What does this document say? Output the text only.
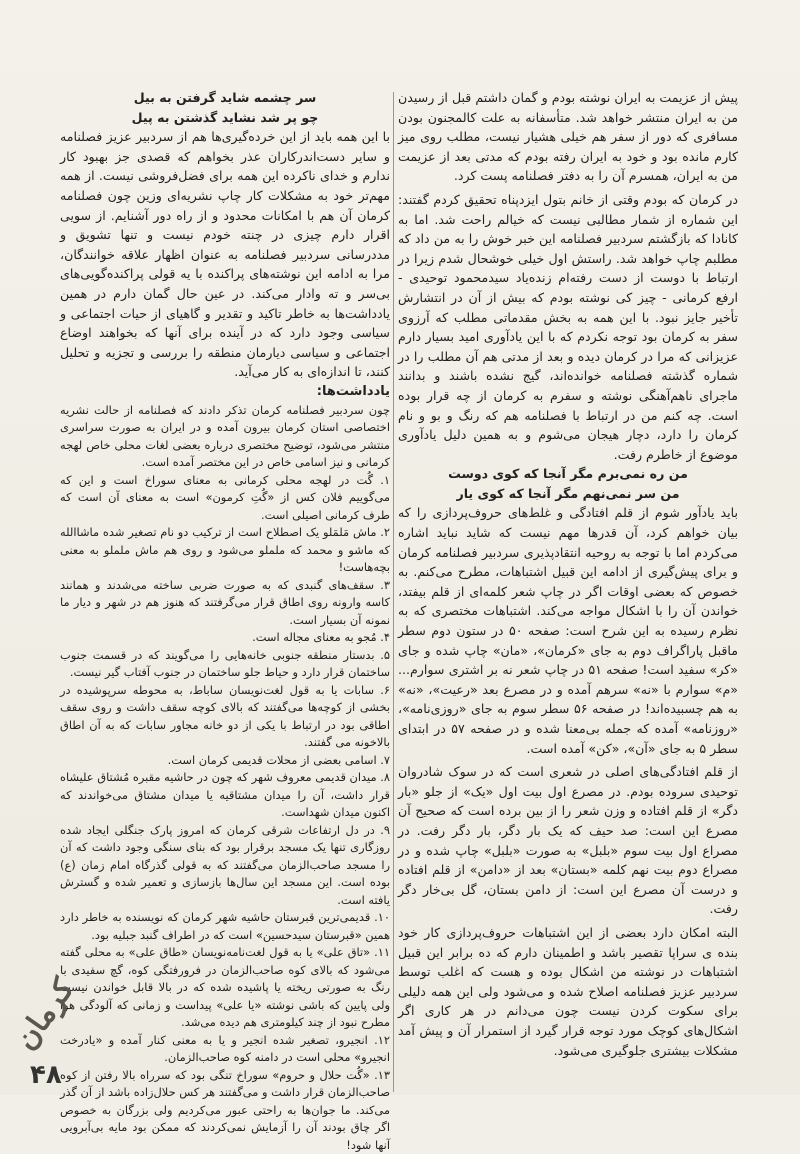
پیش از عزیمت به ایران نوشته بودم و گمان داشتم قبل از رسیدن من به ایران منتشر خواهد شد. متأسفانه به علت کالمجنون بودن مسافری که دور از سفر هم خیلی هشیار نیست، مطلب روی میز کارم مانده بود و خود به ایران رفته بودم که مدتی بعد از عزیمت من به ایران، همسرم آن را به دفتر فصلنامه پست کرد.

در کرمان که بودم وقتی از خانم بتول ایزدپناه تحقیق کردم گفتند: این شماره از شمار مطالبی نیست که خیالم راحت شد. اما به کانادا که بازگشتم سردبیر فصلنامه این خبر خوش را به من داد که مطلبم چاپ خواهد شد. راستش اول خیلی خوشحال شدم زیرا در ارتباط با دوست از دست رفته‌ام زنده‌یاد سیدمحمود توحیدی - ارفع کرمانی - چیز کی نوشته بودم که بیش از آن در انتشارش تأخیر جایز نبود. با این همه به بخش مقدماتی مطلب که آرزوی سفر به کرمان بود توجه نکردم که با این یادآوری امید بسیار دارم عزیزانی که مرا در کرمان دیده و بعد از مدتی هم آن مطلب را در شماره گذشته فصلنامه خوانده‌اند، گیج نشده باشند و بدانند ماجرای ناهم‌آهنگی نوشته و سفرم به کرمان از چه قرار بوده است. چه کنم من در ارتباط با فصلنامه هم که رنگ و بو و نام کرمان را دارد، دچار هیجان می‌شوم و به همین دلیل یادآوری موضوع از خاطرم رفت.

من ره نمی‌برم مگر آنجا که کوی دوست

من سر نمی‌نهم مگر آنجا که کوی یار

باید یادآور شوم از قلم افتادگی و غلط‌های حروف‌پردازی را که بیان خواهم کرد، آن قدرها مهم نیست که شاید نباید اشاره می‌کردم اما با توجه به روحیه انتقادپذیری سردبیر فصلنامه کرمان و برای پیش‌گیری از ادامه این قبیل اشتباهات، مطرح می‌کنم. به خصوص که بعضی اوقات اگر در چاپ شعر کلمه‌ای از قلم بیفتد، خواندن آن را با اشکال مواجه می‌کند. اشتباهات مختصری که به نظرم رسیده به این شرح است: صفحه ۵۰ در ستون دوم سطر ماقبل پاراگراف دوم به جای «کرمان»، «مان» چاپ شده و جای «کر» سفید است! صفحه ۵۱ در چاپ شعر نه بر اشتری سوارم... «م» سوارم با «نه» سرهم آمده و در مصرع بعد «رعیت»، «نه» به هم چسبیده‌اند! در صفحه ۵۶ سطر سوم به جای «روزی‌نامه»، «روزنامه» آمده که جمله بی‌معنا شده و در صفحه ۵۷ در ابتدای سطر ۵ به جای «آن»، «کن» آمده است.

از قلم افتادگی‌های اصلی در شعری است که در سوک شادروان توحیدی سروده بودم. در مصرع اول بیت اول «یک» از جلو «بار دگر» از قلم افتاده و وزن شعر را از بین برده است که صحیح آن مصرع این است: صد حیف که یک بار دگر، بار دگر رفت. در مصراع اول بیت سوم «بلبل» به صورت «بلبل» چاپ شده و در مصراع دوم بیت نهم کلمه «بستان» بعد از «دامن» از قلم افتاده و درست آن مصرع این است: از دامن بستان، گل بی‌خار دگر رفت.

البته امکان دارد بعضی از این اشتباهات حروف‌پردازی کار خود بنده ی سراپا تقصیر باشد و اطمینان دارم که ده برابر این قبیل اشتباهات در نوشته من اشکال بوده و هست که اغلب توسط سردبیر عزیز فصلنامه اصلاح شده و می‌شود ولی این همه دلیلی برای سکوت کردن نیست چون می‌دانم در هر کاری اگر اشکال‌های کوچک مورد توجه قرار گیرد از استمرار آن و پیش آمد مشکلات بیشتری جلوگیری می‌شود.

سر چشمه شاید گرفتن به بیل

چو پر شد نشاید گذشتن به پیل

با این همه باید از این خرده‌گیری‌ها هم از سردبیر عزیز فصلنامه و سایر دست‌اندرکاران عذر بخواهم که قصدی جز بهبود کار ندارم و خدای ناکرده این همه برای فضل‌فروشی نیست. از همه مهم‌تر خود به مشکلات کار چاپ نشریه‌ای وزین چون فصلنامه کرمان آن هم با امکانات محدود و از راه دور آشنایم. از سویی اقرار دارم چیزی در چنته خودم نیست و تنها تشویق و مددرسانی سردبیر فصلنامه به عنوان اظهار علاقه خوانندگان، مرا به ادامه این نوشته‌های پراکنده با یه قولی پراکنده‌گویی‌های بی‌سر و ته وادار می‌کند. در عین حال گمان دارم در همین یادداشت‌ها به خاطر تاکید و تقدیر و گاهیای از حیات اجتماعی و سیاسی وجود دارد که در آینده برای آنها که بخواهند اوضاع اجتماعی و سیاسی دیارمان منطقه را بررسی و تجزیه و تحلیل کنند، تا اندازه‌ای به کار می‌آید.

یادداشت‌ها:

چون سردبیر فصلنامه کرمان تذکر دادند که فصلنامه از حالت نشریه اختصاصی استان کرمان بیرون آمده و در ایران به صورت سراسری منتشر می‌شود، توضیح مختصری درباره بعضی لغات محلی خاص لهجه کرمانی و نیز اسامی خاص در این مختصر آمده است.

۱. گُت در لهجه محلی کرمانی به معنای سوراخ است و این که می‌گوییم فلان کس از «گُتِ کرمون» است به معنای آن است که طرف کرمانی اصیلی است.

۲. ماش مَلمَلو یک اصطلاح است از ترکیب دو نام تصغیر شده ماشاالله که ماشو و محمد که ململو می‌شود و روی هم ماش ململو به معنی بچه‌هاست!

۳. سقف‌های گنبدی که به صورت ضربی ساخته می‌شدند و همانند کاسه وارونه روی اطاق قرار می‌گرفتند که هنوز هم در شهر و دیار ما نمونه آن بسیار است.

۴. مُجو به معنای مجاله است.

۵. بدستار منطقه جنوبی خانه‌هایی را می‌گویند که در قسمت جنوب ساختمان قرار دارد و حیاط جلو ساختمان در جنوب آفتاب گیر نیست.

۶. سابات یا به قول لغت‌نویسان ساباط، به محوطه سرپوشیده در بخشی از کوچه‌ها می‌گفتند که بالای کوچه سقف داشت و روی سقف اطاقی بود در ارتباط با یکی از دو خانه مجاور سابات که به آن اطاق بالاخونه می گفتند.

۷. اسامی بعضی از محلات قدیمی کرمان است.

۸. میدان قدیمی معروف شهر که چون در حاشیه مقبره مُشتاق علیشاه قرار داشت، آن را میدان مشتاقیه یا میدان مشتاق می‌خواندند که اکنون میدان شهداست.

۹. در دل ارتفاعات شرقی کرمان که امروز پارک جنگلی ایجاد شده روزگاری تنها یک مسجد برقرار بود که بنای سنگی وجود داشت که آن را مسجد صاحب‌الزمان می‌گفتند که به قولی گذرگاه امام زمان (ع) بوده است. این مسجد این سال‌ها بازسازی و تعمیر شده و گسترش یافته است.

۱۰. قدیمی‌ترین قبرستان حاشیه شهر کرمان که نویسنده به خاطر دارد همین «قبرستان سیدحسین» است که در اطراف گنبد جبلیه بود.

۱۱. «تاق علی» یا به قول لغت‌نامه‌نویسان «طاق علی» به محلی گفته می‌شود که بالای کوه صاحب‌الزمان در فرورفتگی کوه، گچ سفیدی با رنگ به صورتی ریخته یا پاشیده شده که در بالا قابل خواندن نیست ولی پایین که باشی نوشته «یا علی» پیداست و زمانی که آلودگی هوا مطرح نبود از چند کیلومتری هم دیده می‌شد.

۱۲. انجیرو، تصغیر شده انجیر و یا به معنی کنار آمده و «یادرخت انجیرو» محلی است در دامنه کوه صاحب‌الزمان.

۱۳. «گُت حلال و حروم» سوراخ تنگی بود که سرراه بالا رفتن از کوه صاحب‌الزمان قرار داشت و می‌گفتند هر کس حلال‌زاده باشد از آن گذر می‌کند. ما جوان‌ها به راحتی عبور می‌کردیم ولی بزرگان به خصوص اگر چاق بودند آن را آزمایش نمی‌کردند که ممکن بود مایه بی‌آبرویی آنها شود!

کرمان
۴۸
